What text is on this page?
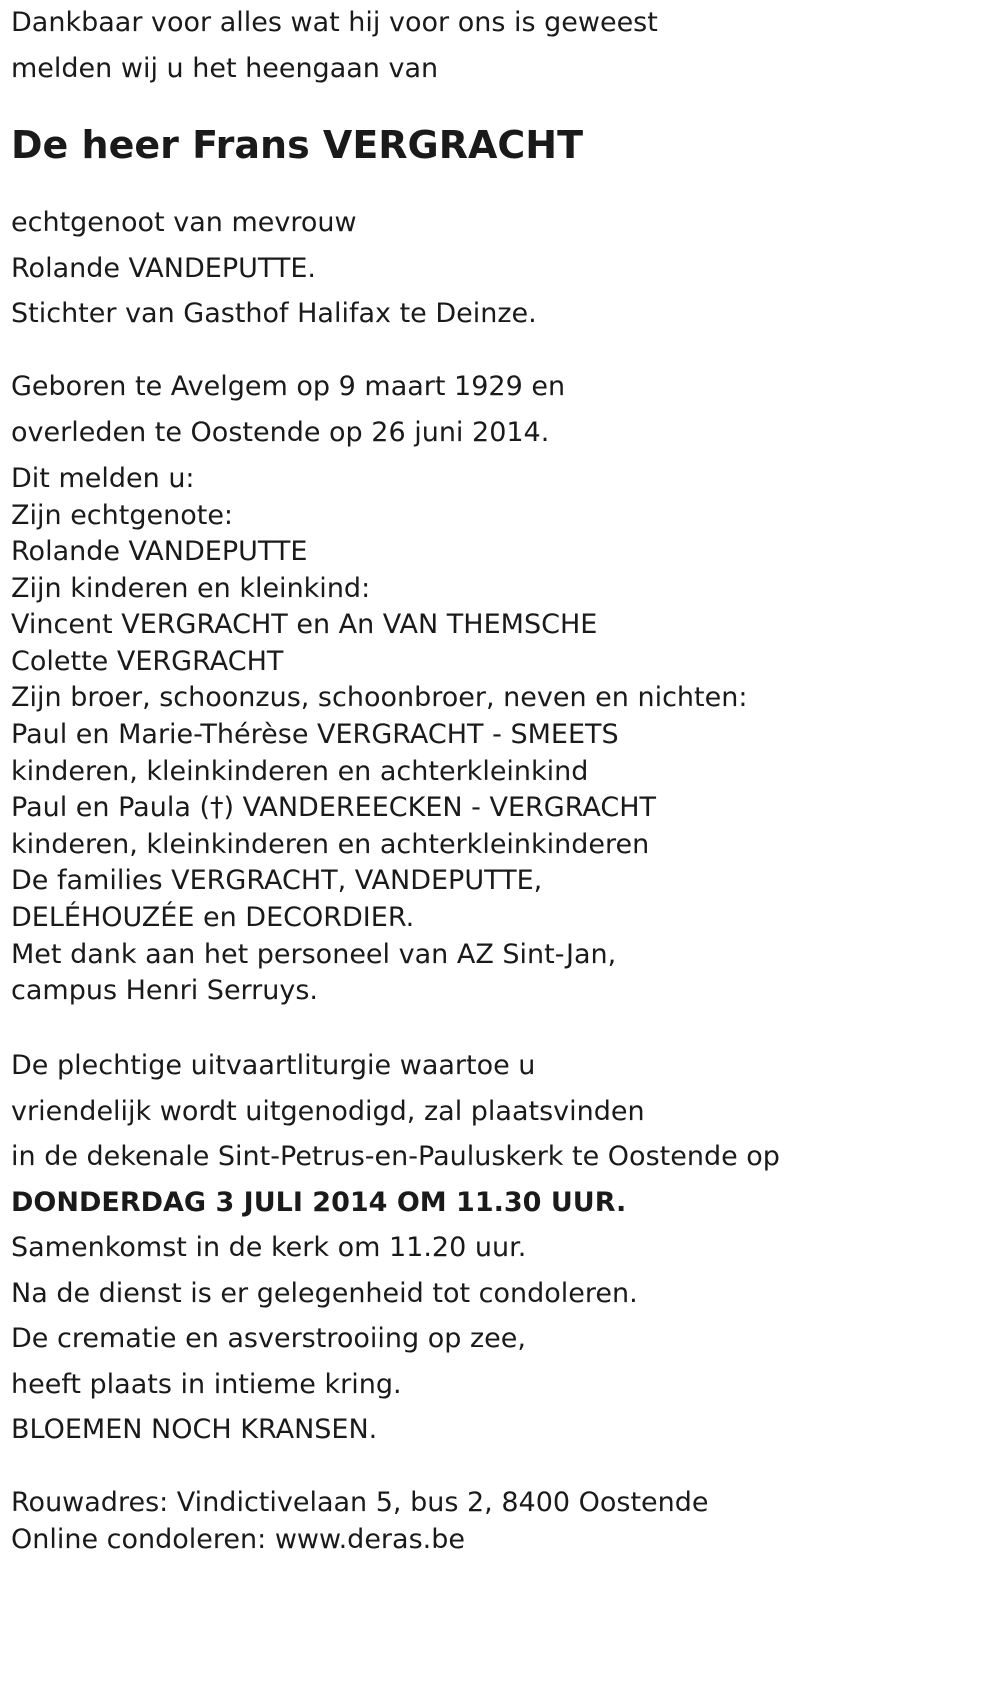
Dankbaar voor alles wat hij voor ons is geweest
melden wij u het heengaan van
De heer Frans VERGRACHT
echtgenoot van mevrouw
Rolande VANDEPUTTE.
Stichter van Gasthof Halifax te Deinze.
Geboren te Avelgem op 9 maart 1929 en
overleden te Oostende op 26 juni 2014.
Dit melden u:
Zijn echtgenote:
Rolande VANDEPUTTE
Zijn kinderen en kleinkind:
Vincent VERGRACHT en An VAN THEMSCHE
Colette VERGRACHT
Zijn broer, schoonzus, schoonbroer, neven en nichten:
Paul en Marie-Thérèse VERGRACHT - SMEETS
kinderen, kleinkinderen en achterkleinkind
Paul en Paula (†) VANDEREECKEN - VERGRACHT
kinderen, kleinkinderen en achterkleinkinderen
De families VERGRACHT, VANDEPUTTE,
DELÉHOUZÉE en DECORDIER.
Met dank aan het personeel van AZ Sint-Jan,
campus Henri Serruys.
De plechtige uitvaartliturgie waartoe u
vriendelijk wordt uitgenodigd, zal plaatsvinden
in de dekenale Sint-Petrus-en-Pauluskerk te Oostende op
DONDERDAG 3 JULI 2014 OM 11.30 UUR.
Samenkomst in de kerk om 11.20 uur.
Na de dienst is er gelegenheid tot condoleren.
De crematie en asverstrooiing op zee,
heeft plaats in intieme kring.
BLOEMEN NOCH KRANSEN.
Rouwadres: Vindictivelaan 5, bus 2, 8400 Oostende
Online condoleren: www.deras.be
